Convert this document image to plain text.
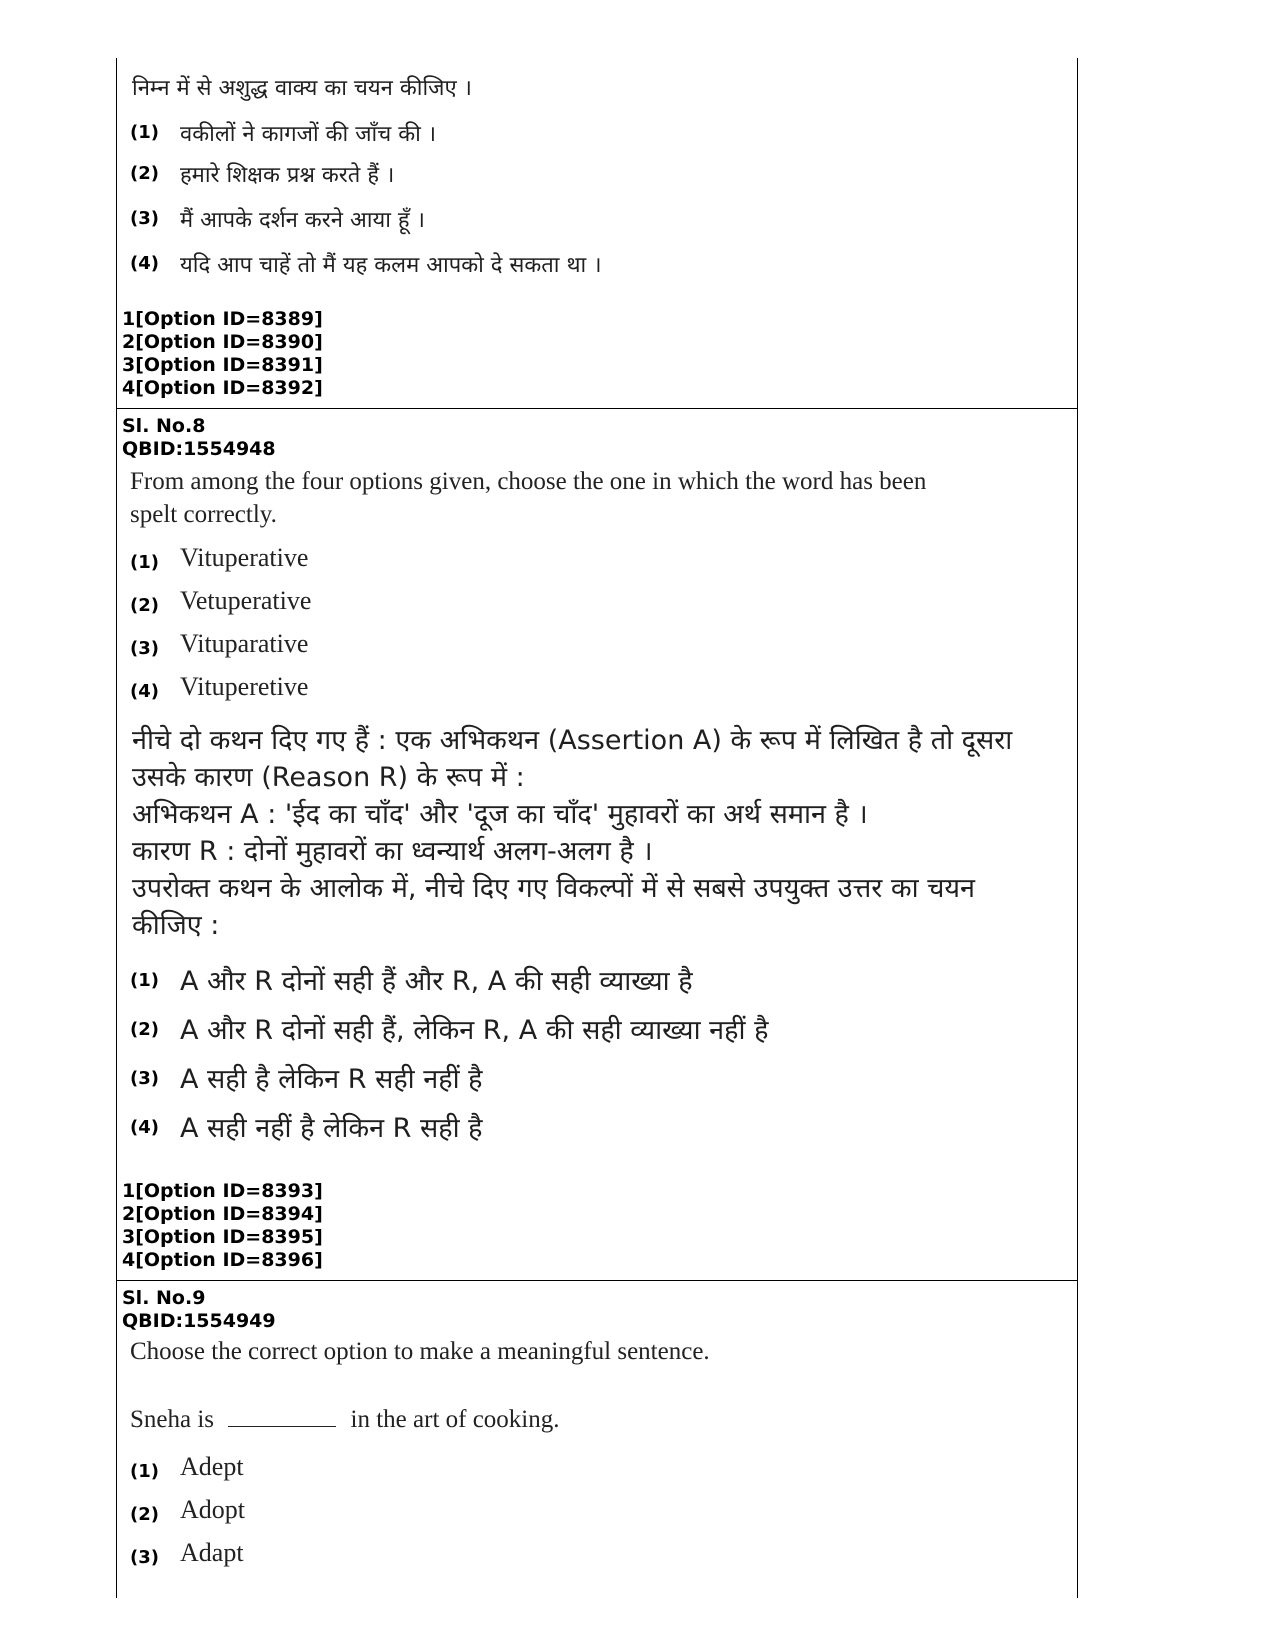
निम्न में से अशुद्ध वाक्य का चयन कीजिए ।
(1) वकीलों ने कागजों की जाँच की ।
(2) हमारे शिक्षक प्रश्न करते हैं ।
(3) मैं आपके दर्शन करने आया हूँ ।
(4) यदि आप चाहें तो मैं यह कलम आपको दे सकता था ।
1[Option ID=8389]
2[Option ID=8390]
3[Option ID=8391]
4[Option ID=8392]
Sl. No.8
QBID:1554948
From among the four options given, choose the one in which the word has been
spelt correctly.
(1) Vituperative
(2) Vetuperative
(3) Vituparative
(4) Vituperetive
नीचे दो कथन दिए गए हैं : एक अभिकथन (Assertion A) के रूप में लिखित है तो दूसरा
उसके कारण (Reason R) के रूप में :
अभिकथन A : 'ईद का चाँद' और 'दूज का चाँद' मुहावरों का अर्थ समान है ।
कारण R : दोनों मुहावरों का ध्वन्यार्थ अलग-अलग है ।
उपरोक्त कथन के आलोक में, नीचे दिए गए विकल्पों में से सबसे उपयुक्त उत्तर का चयन
कीजिए :
(1) A और R दोनों सही हैं और R, A की सही व्याख्या है
(2) A और R दोनों सही हैं, लेकिन R, A की सही व्याख्या नहीं है
(3) A सही है लेकिन R सही नहीं है
(4) A सही नहीं है लेकिन R सही है
1[Option ID=8393]
2[Option ID=8394]
3[Option ID=8395]
4[Option ID=8396]
Sl. No.9
QBID:1554949
Choose the correct option to make a meaningful sentence.
Sneha is	in the art of cooking.
(1) Adept
(2) Adopt
(3) Adapt
